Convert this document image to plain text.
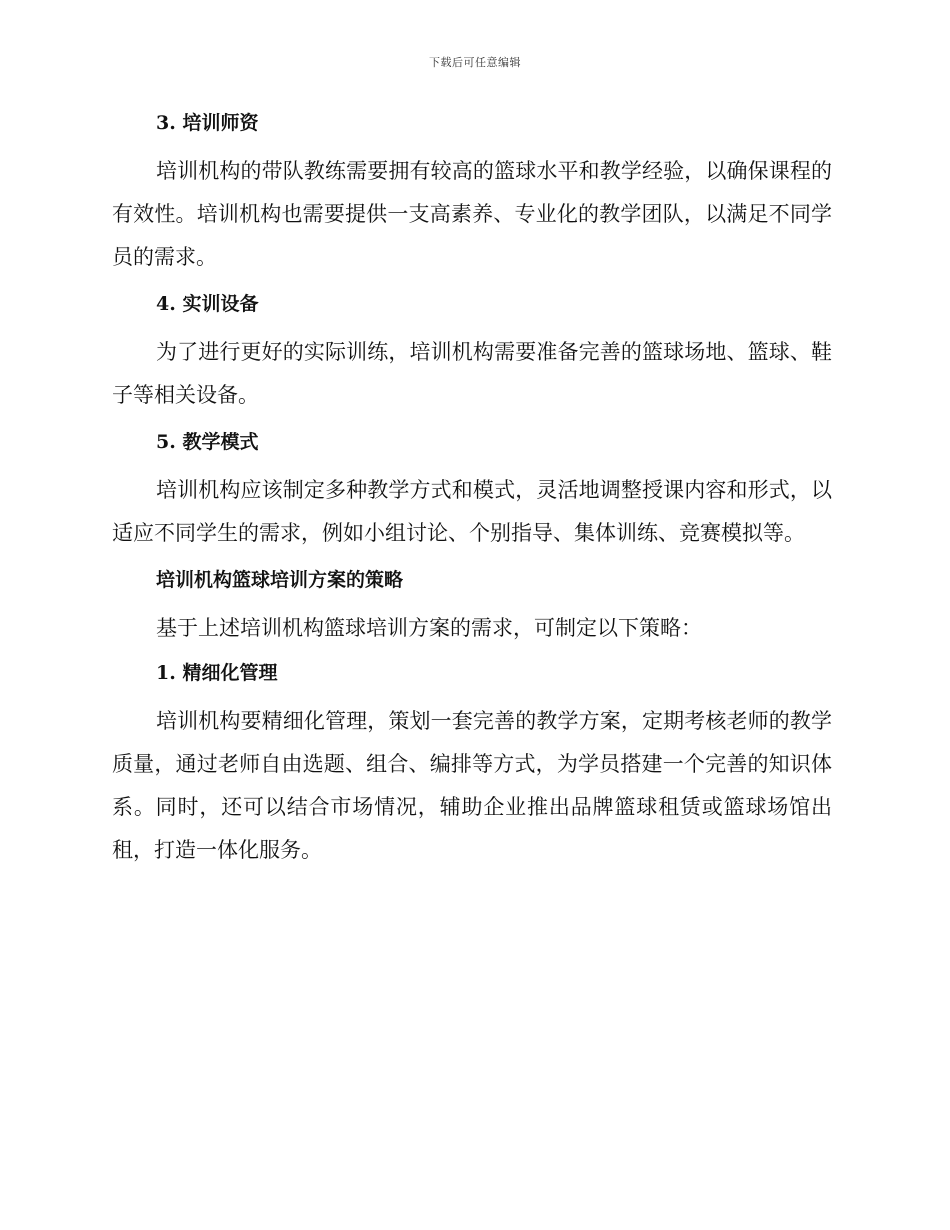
下载后可任意编辑
3. 培训师资

培训机构的带队教练需要拥有较高的篮球水平和教学经验，以确保课程的有效性。培训机构也需要提供一支高素养、专业化的教学团队，以满足不同学员的需求。

4. 实训设备

为了进行更好的实际训练，培训机构需要准备完善的篮球场地、篮球、鞋子等相关设备。

5. 教学模式

培训机构应该制定多种教学方式和模式，灵活地调整授课内容和形式，以适应不同学生的需求，例如小组讨论、个别指导、集体训练、竞赛模拟等。

培训机构篮球培训方案的策略

基于上述培训机构篮球培训方案的需求，可制定以下策略：

1. 精细化管理

培训机构要精细化管理，策划一套完善的教学方案，定期考核老师的教学质量，通过老师自由选题、组合、编排等方式，为学员搭建一个完善的知识体系。同时，还可以结合市场情况，辅助企业推出品牌篮球租赁或篮球场馆出租，打造一体化服务。
